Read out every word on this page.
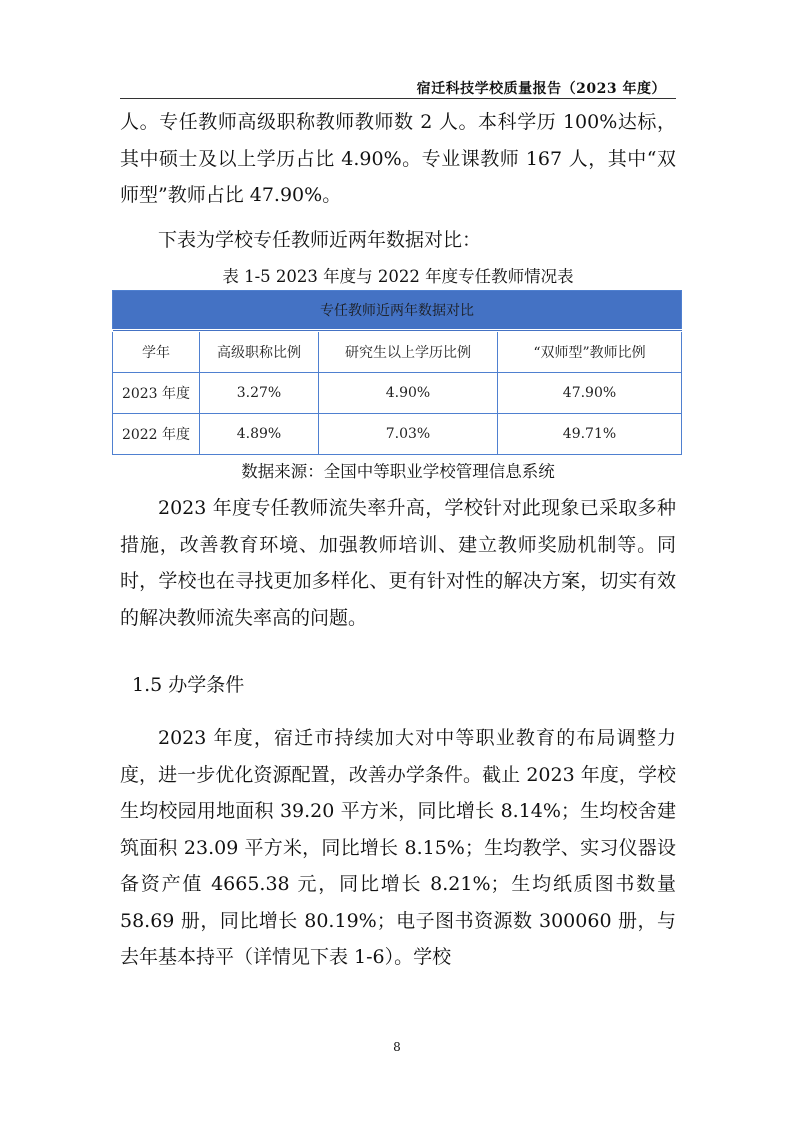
宿迁科技学校质量报告（2023 年度）
人。专任教师高级职称教师教师数 2 人。本科学历 100%达标，其中硕士及以上学历占比 4.90%。专业课教师 167 人，其中“双师型”教师占比 47.90%。
下表为学校专任教师近两年数据对比：
表 1-5 2023 年度与 2022 年度专任教师情况表
专任教师近两年数据对比			
学年	高级职称比例	研究生以上学历比例	“双师型”教师比例
2023 年度	3.27%	4.90%	47.90%
2022 年度	4.89%	7.03%	49.71%
数据来源：全国中等职业学校管理信息系统
2023 年度专任教师流失率升高，学校针对此现象已采取多种措施，改善教育环境、加强教师培训、建立教师奖励机制等。同时，学校也在寻找更加多样化、更有针对性的解决方案，切实有效的解决教师流失率高的问题。
1.5 办学条件
2023 年度，宿迁市持续加大对中等职业教育的布局调整力度，进一步优化资源配置，改善办学条件。截止 2023 年度，学校生均校园用地面积 39.20 平方米，同比增长 8.14%；生均校舍建筑面积 23.09 平方米，同比增长 8.15%；生均教学、实习仪器设备资产值 4665.38 元，同比增长 8.21%；生均纸质图书数量 58.69 册，同比增长 80.19%；电子图书资源数 300060 册，与去年基本持平（详情见下表 1-6）。学校
8
